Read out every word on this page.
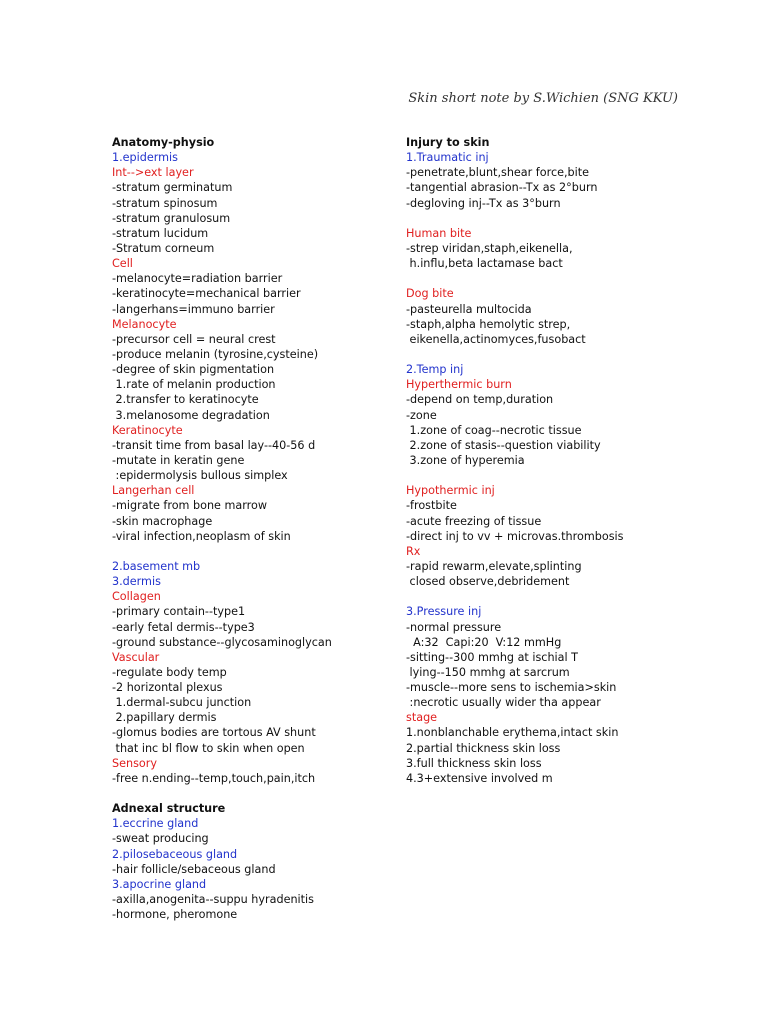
Skin short note by S.Wichien (SNG KKU)
Anatomy-physio
1.epidermis
Int-->ext layer
-stratum germinatum
-stratum spinosum
-stratum granulosum
-stratum lucidum
-Stratum corneum
Cell
-melanocyte=radiation barrier
-keratinocyte=mechanical barrier
-langerhans=immuno barrier
Melanocyte
-precursor cell = neural crest
-produce melanin (tyrosine,cysteine)
-degree of skin pigmentation
1.rate of melanin production
2.transfer to keratinocyte
3.melanosome degradation
Keratinocyte
-transit time from basal lay--40-56 d
-mutate in keratin gene
:epidermolysis bullous simplex
Langerhan cell
-migrate from bone marrow
-skin macrophage
-viral infection,neoplasm of skin
2.basement mb
3.dermis
Collagen
-primary contain--type1
-early fetal dermis--type3
-ground substance--glycosaminoglycan
Vascular
-regulate body temp
-2 horizontal plexus
1.dermal-subcu junction
2.papillary dermis
-glomus bodies are tortous AV shunt
that inc bl flow to skin when open
Sensory
-free n.ending--temp,touch,pain,itch
Adnexal structure
1.eccrine gland
-sweat producing
2.pilosebaceous gland
-hair follicle/sebaceous gland
3.apocrine gland
-axilla,anogenita--suppu hyradenitis
-hormone, pheromone
Injury to skin
1.Traumatic inj
-penetrate,blunt,shear force,bite
-tangential abrasion--Tx as 2°burn
-degloving inj--Tx as 3°burn
Human bite
-strep viridan,staph,eikenella,
h.influ,beta lactamase bact
Dog bite
-pasteurella multocida
-staph,alpha hemolytic strep,
eikenella,actinomyces,fusobact
2.Temp inj
Hyperthermic burn
-depend on temp,duration
-zone
1.zone of coag--necrotic tissue
2.zone of stasis--question viability
3.zone of hyperemia
Hypothermic inj
-frostbite
-acute freezing of tissue
-direct inj to vv + microvas.thrombosis
Rx
-rapid rewarm,elevate,splinting
closed observe,debridement
3.Pressure inj
-normal pressure
A:32  Capi:20  V:12 mmHg
-sitting--300 mmhg at ischial T
lying--150 mmhg at sarcrum
-muscle--more sens to ischemia>skin
:necrotic usually wider tha appear
stage
1.nonblanchable erythema,intact skin
2.partial thickness skin loss
3.full thickness skin loss
4.3+extensive involved m
